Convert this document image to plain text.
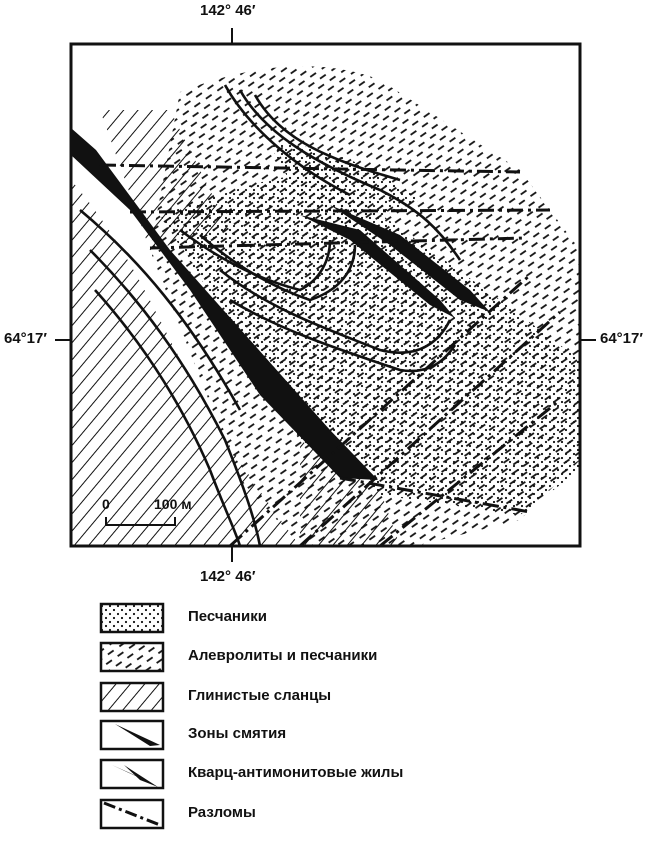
142° 46′
142° 46′
64°17′	64°17′
0	100 м
Песчаники
Алевролиты и песчаники
Глинистые сланцы
Зоны смятия
Кварц-антимонитовые жилы
Разломы
